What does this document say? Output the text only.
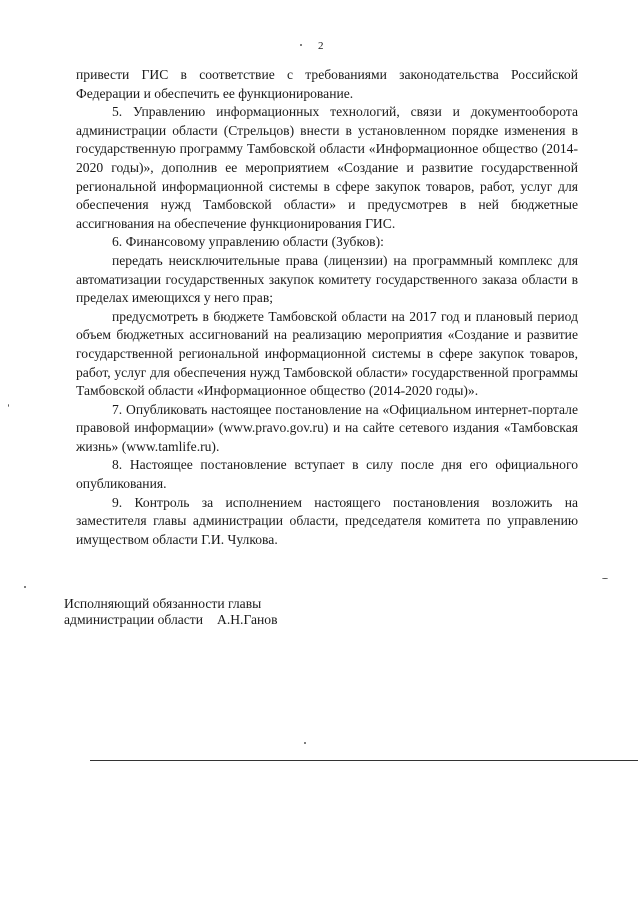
2

привести ГИС в соответствие с требованиями законодательства Российской Федерации и обеспечить ее функционирование.

5. Управлению информационных технологий, связи и документооборота администрации области (Стрельцов) внести в установленном порядке изменения в государственную программу Тамбовской области «Информационное общество (2014-2020 годы)», дополнив ее мероприятием «Создание и развитие государственной региональной информационной системы в сфере закупок товаров, работ, услуг для обеспечения нужд Тамбовской области» и предусмотрев в ней бюджетные ассигнования на обеспечение функционирования ГИС.

6. Финансовому управлению области (Зубков):

передать неисключительные права (лицензии) на программный комплекс для автоматизации государственных закупок комитету государственного заказа области в пределах имеющихся у него прав;

предусмотреть в бюджете Тамбовской области на 2017 год и плановый период объем бюджетных ассигнований на реализацию мероприятия «Создание и развитие государственной региональной информационной системы в сфере закупок товаров, работ, услуг для обеспечения нужд Тамбовской области» государственной программы Тамбовской области «Информационное общество (2014-2020 годы)».

7. Опубликовать настоящее постановление на «Официальном интернет-портале правовой информации» (www.pravo.gov.ru) и на сайте сетевого издания «Тамбовская жизнь» (www.tamlife.ru).

8. Настоящее постановление вступает в силу после дня его официального опубликования.

9. Контроль за исполнением настоящего постановления возложить на заместителя главы администрации области, председателя комитета по управлению имуществом области Г.И. Чулкова.

Исполняющий обязанности главы
администрации области А.Н.Ганов
